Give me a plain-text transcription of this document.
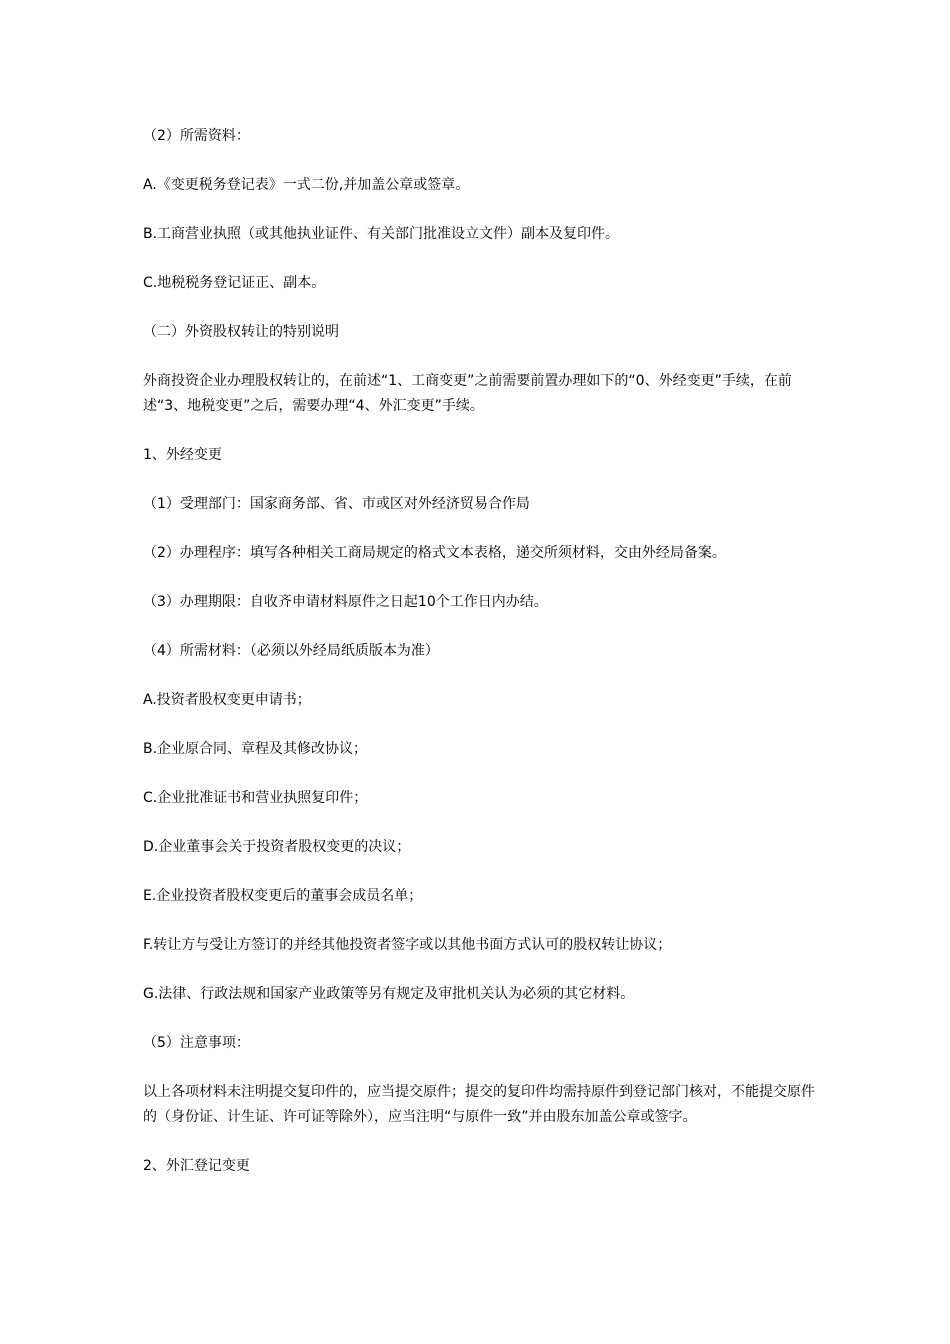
（2）所需资料：

A.《变更税务登记表》一式二份,并加盖公章或签章。

B.工商营业执照（或其他执业证件、有关部门批准设立文件）副本及复印件。

C.地税税务登记证正、副本。

（二）外资股权转让的特别说明

外商投资企业办理股权转让的，在前述“1、工商变更”之前需要前置办理如下的“0、外经变更”手续，在前述“3、地税变更”之后，需要办理“4、外汇变更”手续。

1、外经变更

（1）受理部门：国家商务部、省、市或区对外经济贸易合作局

（2）办理程序：填写各种相关工商局规定的格式文本表格，递交所须材料，交由外经局备案。

（3）办理期限：自收齐申请材料原件之日起10个工作日内办结。

（4）所需材料：（必须以外经局纸质版本为准）

A.投资者股权变更申请书；

B.企业原合同、章程及其修改协议；

C.企业批准证书和营业执照复印件；

D.企业董事会关于投资者股权变更的决议；

E.企业投资者股权变更后的董事会成员名单；

F.转让方与受让方签订的并经其他投资者签字或以其他书面方式认可的股权转让协议；

G.法律、行政法规和国家产业政策等另有规定及审批机关认为必须的其它材料。

（5）注意事项：

以上各项材料未注明提交复印件的，应当提交原件；提交的复印件均需持原件到登记部门核对，不能提交原件的（身份证、计生证、许可证等除外），应当注明“与原件一致”并由股东加盖公章或签字。

2、外汇登记变更
